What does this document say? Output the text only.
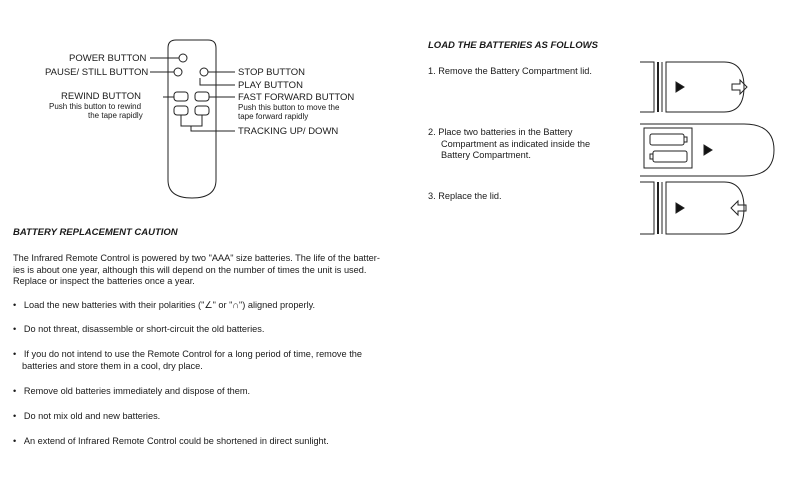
POWER BUTTON
PAUSE/ STILL BUTTON
REWIND BUTTON
Push this button to rewind
the tape rapidly
STOP BUTTON
PLAY BUTTON
FAST FORWARD BUTTON
Push this button to move the
tape forward rapidly
TRACKING UP/ DOWN
BATTERY REPLACEMENT CAUTION
The Infrared Remote Control is powered by two "AAA" size batteries. The life of the batter-
ies is about one year, although this will depend on the number of times the unit is used.
Replace or inspect the batteries once a year.
•   Load the new batteries with their polarities ("∠" or "∩") aligned properly.
•   Do not threat, disassemble or short-circuit the old batteries.
•   If you do not intend to use the Remote Control for a long period of time, remove the
batteries and store them in a cool, dry place.
•   Remove old batteries immediately and dispose of them.
•   Do not mix old and new batteries.
•   An extend of Infrared Remote Control could be shortened in direct sunlight.
LOAD THE BATTERIES AS FOLLOWS
1. Remove the Battery Compartment lid.
2. Place two batteries in the Battery
Compartment as indicated inside the
Battery Compartment.
3. Replace the lid.
